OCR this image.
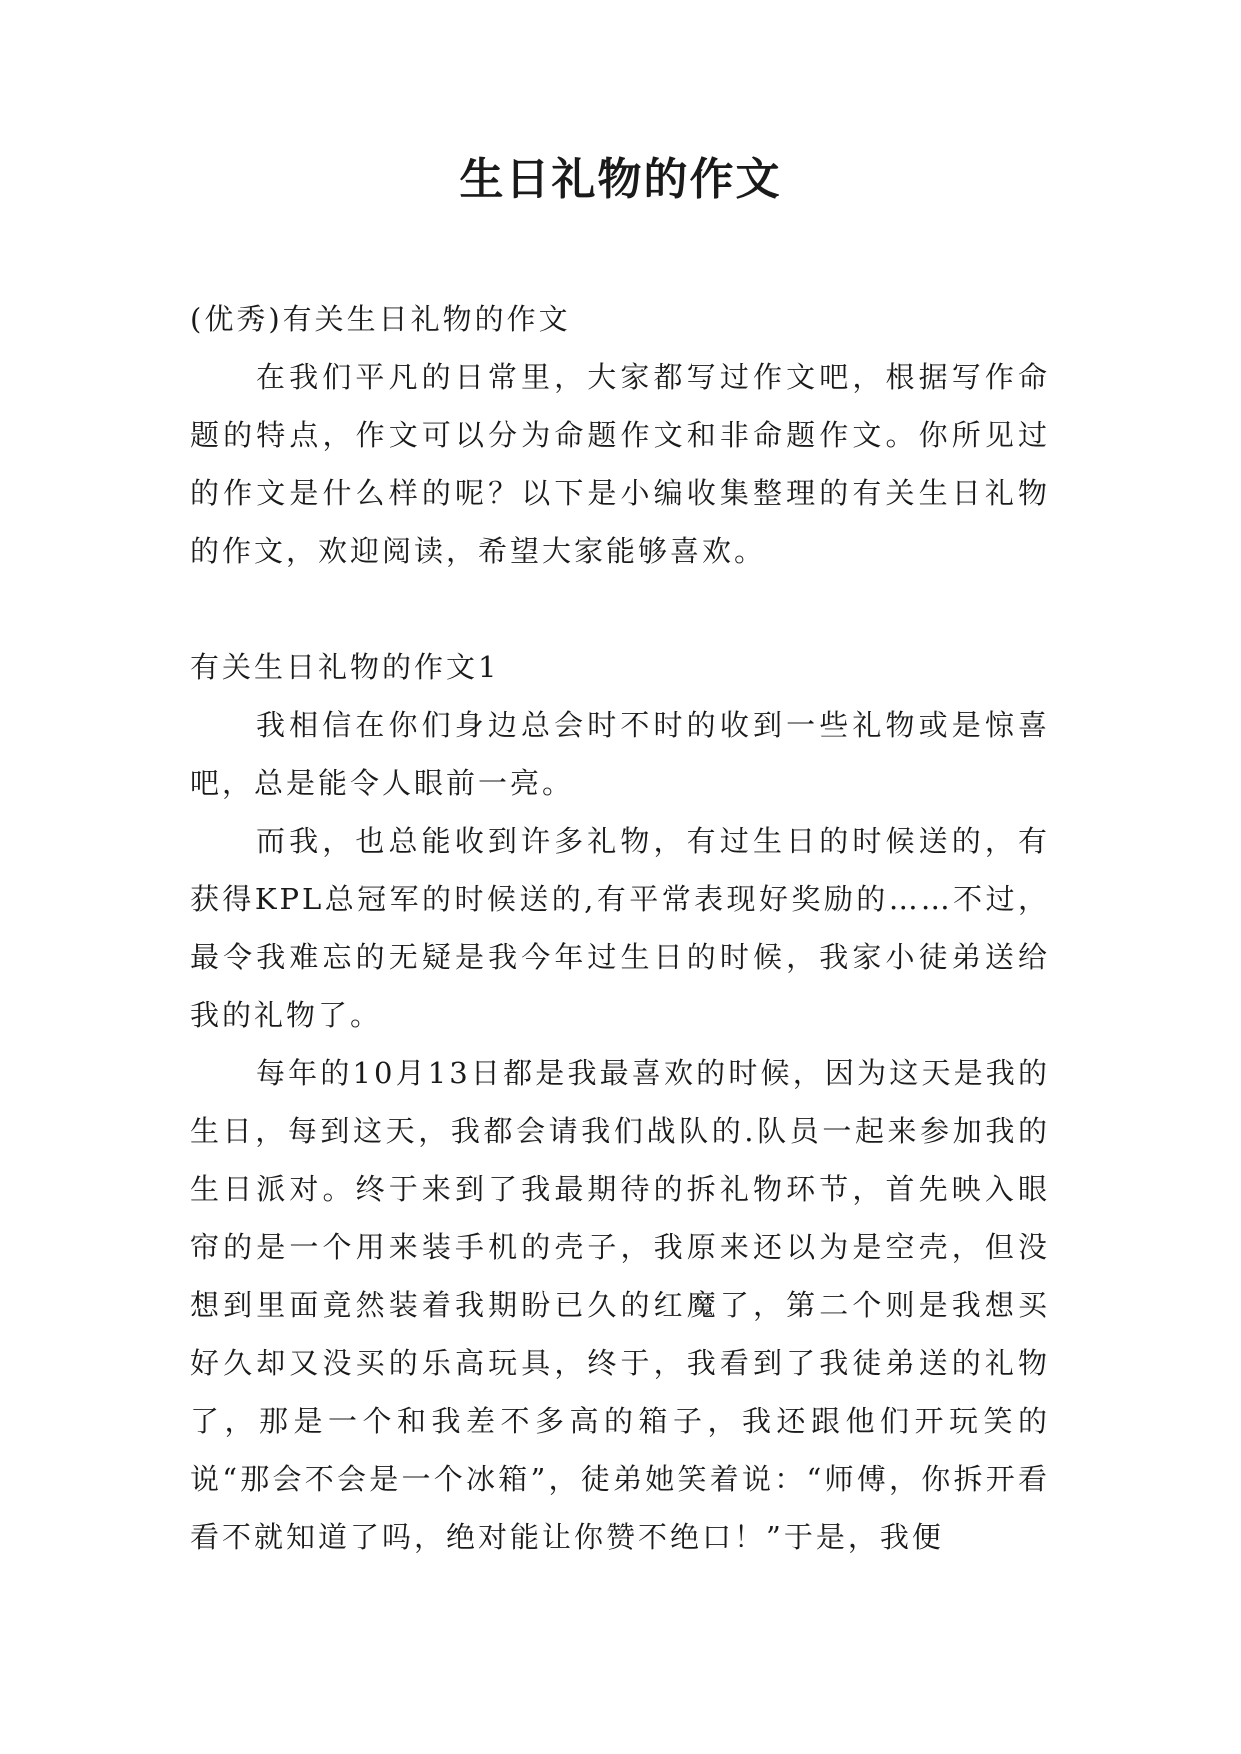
生日礼物的作文

(优秀)有关生日礼物的作文

在我们平凡的日常里，大家都写过作文吧，根据写作命题的特点，作文可以分为命题作文和非命题作文。你所见过的作文是什么样的呢？以下是小编收集整理的有关生日礼物的作文，欢迎阅读，希望大家能够喜欢。

有关生日礼物的作文1

我相信在你们身边总会时不时的收到一些礼物或是惊喜吧，总是能令人眼前一亮。

而我，也总能收到许多礼物，有过生日的时候送的，有获得KPL总冠军的时候送的,有平常表现好奖励的……不过，最令我难忘的无疑是我今年过生日的时候，我家小徒弟送给我的礼物了。

每年的10月13日都是我最喜欢的时候，因为这天是我的生日，每到这天，我都会请我们战队的.队员一起来参加我的生日派对。终于来到了我最期待的拆礼物环节，首先映入眼帘的是一个用来装手机的壳子，我原来还以为是空壳，但没想到里面竟然装着我期盼已久的红魔了，第二个则是我想买好久却又没买的乐高玩具，终于，我看到了我徒弟送的礼物了，那是一个和我差不多高的箱子，我还跟他们开玩笑的说“那会不会是一个冰箱”，徒弟她笑着说：“师傅，你拆开看看不就知道了吗，绝对能让你赞不绝口！”于是，我便
